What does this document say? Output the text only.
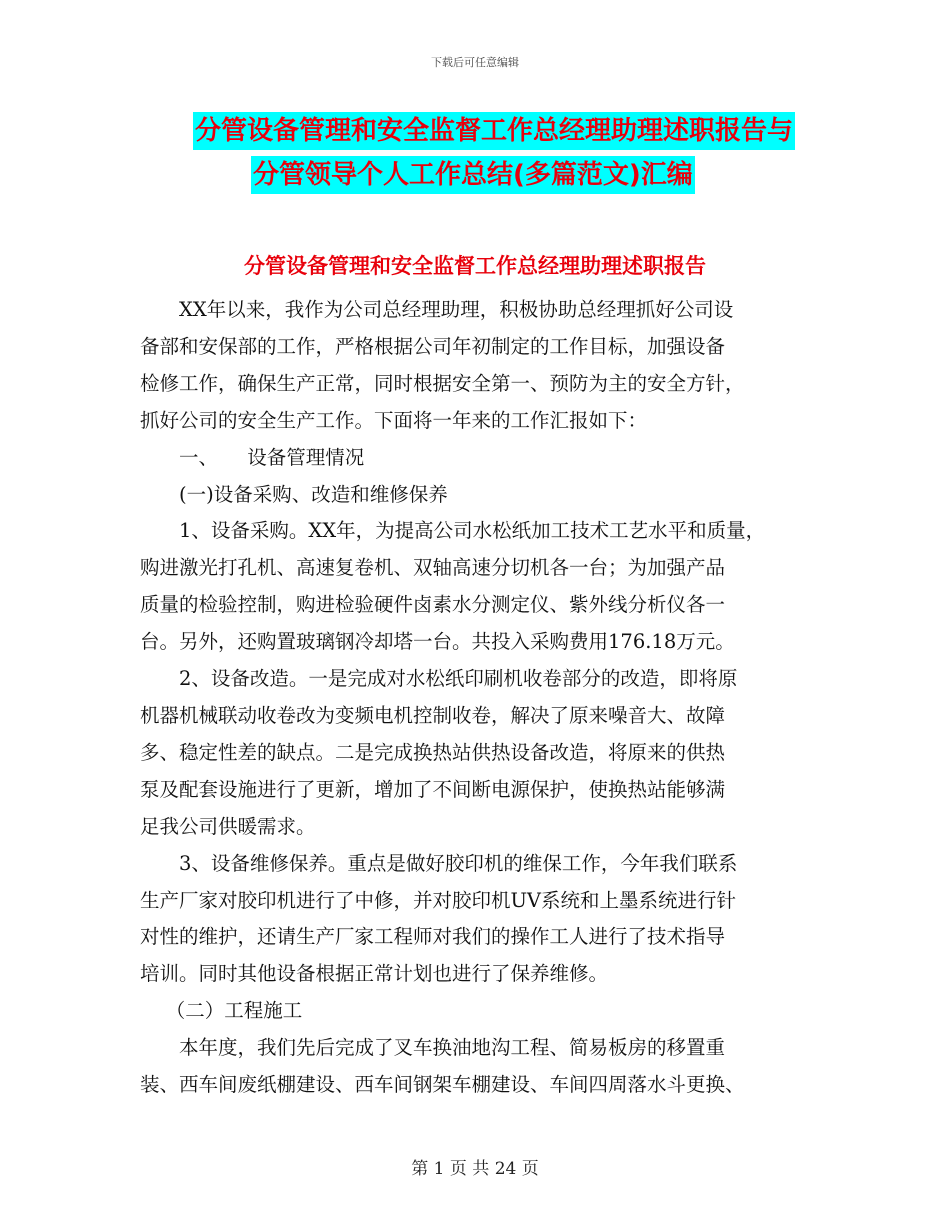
下载后可任意编辑
分管设备管理和安全监督工作总经理助理述职报告与
分管领导个人工作总结(多篇范文)汇编
分管设备管理和安全监督工作总经理助理述职报告

　　XX年以来，我作为公司总经理助理，积极协助总经理抓好公司设

备部和安保部的工作，严格根据公司年初制定的工作目标，加强设备

检修工作，确保生产正常，同时根据安全第一、预防为主的安全方针，

抓好公司的安全生产工作。下面将一年来的工作汇报如下：

　　一、　　设备管理情况

　　(一)设备采购、改造和维修保养

　　1、设备采购。XX年，为提高公司水松纸加工技术工艺水平和质量，

购进激光打孔机、高速复卷机、双轴高速分切机各一台；为加强产品

质量的检验控制，购进检验硬件卤素水分测定仪、紫外线分析仪各一

台。另外，还购置玻璃钢冷却塔一台。共投入采购费用176.18万元。

　　2、设备改造。一是完成对水松纸印刷机收卷部分的改造，即将原

机器机械联动收卷改为变频电机控制收卷，解决了原来噪音大、故障

多、稳定性差的缺点。二是完成换热站供热设备改造，将原来的供热

泵及配套设施进行了更新，增加了不间断电源保护，使换热站能够满

足我公司供暖需求。

　　3、设备维修保养。重点是做好胶印机的维保工作，今年我们联系

生产厂家对胶印机进行了中修，并对胶印机UV系统和上墨系统进行针

对性的维护，还请生产厂家工程师对我们的操作工人进行了技术指导

培训。同时其他设备根据正常计划也进行了保养维修。

　 （二）工程施工

　　本年度，我们先后完成了叉车换油地沟工程、简易板房的移置重

装、西车间废纸棚建设、西车间钢架车棚建设、车间四周落水斗更换、

第 1 页 共 24 页
